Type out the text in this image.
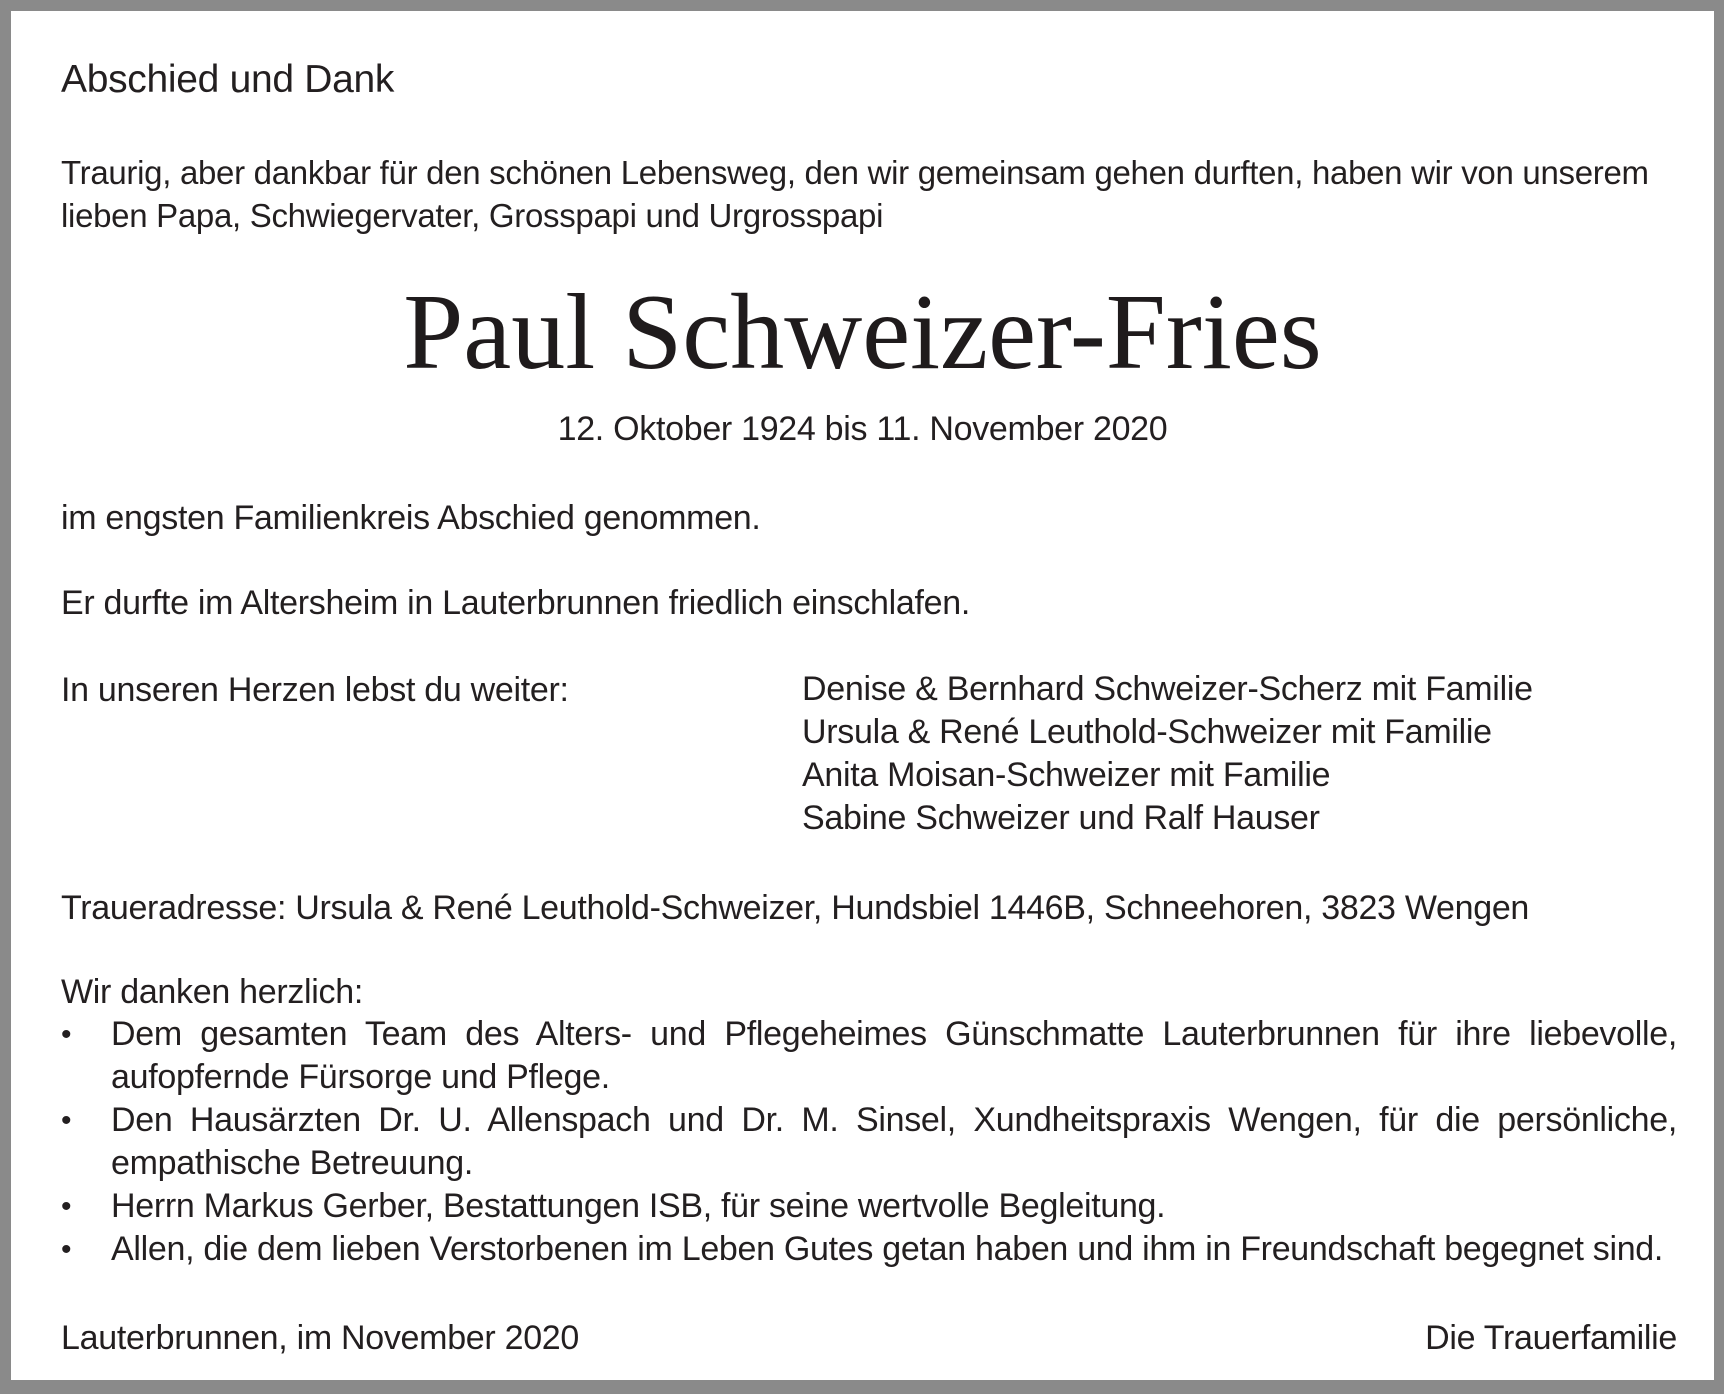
Abschied und Dank
Traurig, aber dankbar für den schönen Lebensweg, den wir gemeinsam gehen durften, haben wir von unserem lieben Papa, Schwiegervater, Grosspapi und Urgrosspapi
Paul Schweizer-Fries
12. Oktober 1924 bis 11. November 2020
im engsten Familienkreis Abschied genommen.
Er durfte im Altersheim in Lauterbrunnen friedlich einschlafen.
In unseren Herzen lebst du weiter:	Denise & Bernhard Schweizer-Scherz mit Familie
Ursula & René Leuthold-Schweizer mit Familie
Anita Moisan-Schweizer mit Familie
Sabine Schweizer und Ralf Hauser
Traueradresse: Ursula & René Leuthold-Schweizer, Hundsbiel 1446B, Schneehoren, 3823 Wengen
Wir danken herzlich:
• Dem gesamten Team des Alters- und Pflegeheimes Günschmatte Lauterbrunnen für ihre liebevolle, aufopfernde Fürsorge und Pflege.
• Den Hausärzten Dr. U. Allenspach und Dr. M. Sinsel, Xundheitspraxis Wengen, für die persönliche, empathische Betreuung.
• Herrn Markus Gerber, Bestattungen ISB, für seine wertvolle Begleitung.
• Allen, die dem lieben Verstorbenen im Leben Gutes getan haben und ihm in Freundschaft begegnet sind.
Lauterbrunnen, im November 2020	Die Trauerfamilie
